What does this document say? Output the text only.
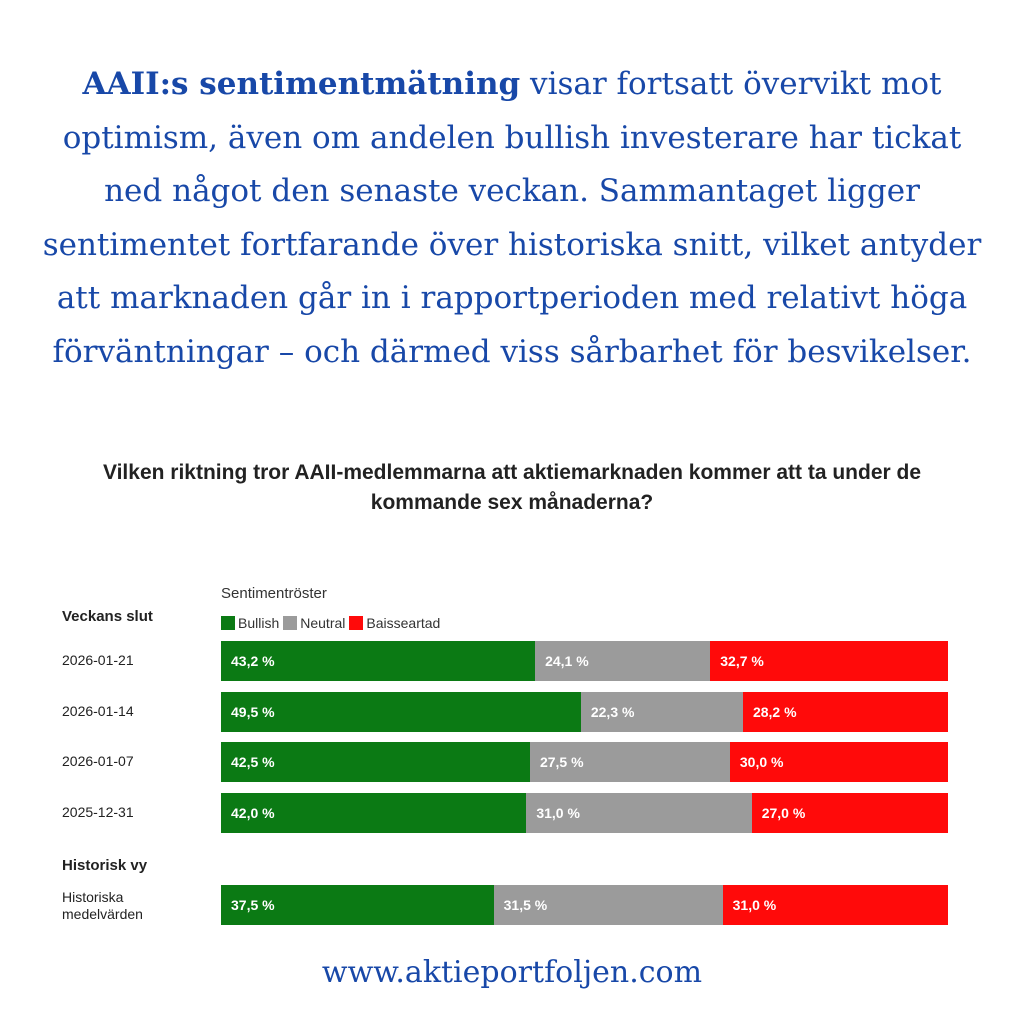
AAII:s sentimentmätning visar fortsatt övervikt mot optimism, även om andelen bullish investerare har tickat ned något den senaste veckan. Sammantaget ligger sentimentet fortfarande över historiska snitt, vilket antyder att marknaden går in i rapportperioden med relativt höga förväntningar – och därmed viss sårbarhet för besvikelser.
Vilken riktning tror AAII-medlemmarna att aktiemarknaden kommer att ta under de kommande sex månaderna?
Sentimentröster
Bullish Neutral Baisseartad
Veckans slut
2026-01-21	43,2 %	24,1 %	32,7 %
2026-01-14	49,5 %	22,3 %	28,2 %
2026-01-07	42,5 %	27,5 %	30,0 %
2025-12-31	42,0 %	31,0 %	27,0 %
Historiska medelvärden
37,5 %	31,5 %	31,0 %
Historisk vy
www.aktieportfoljen.com
